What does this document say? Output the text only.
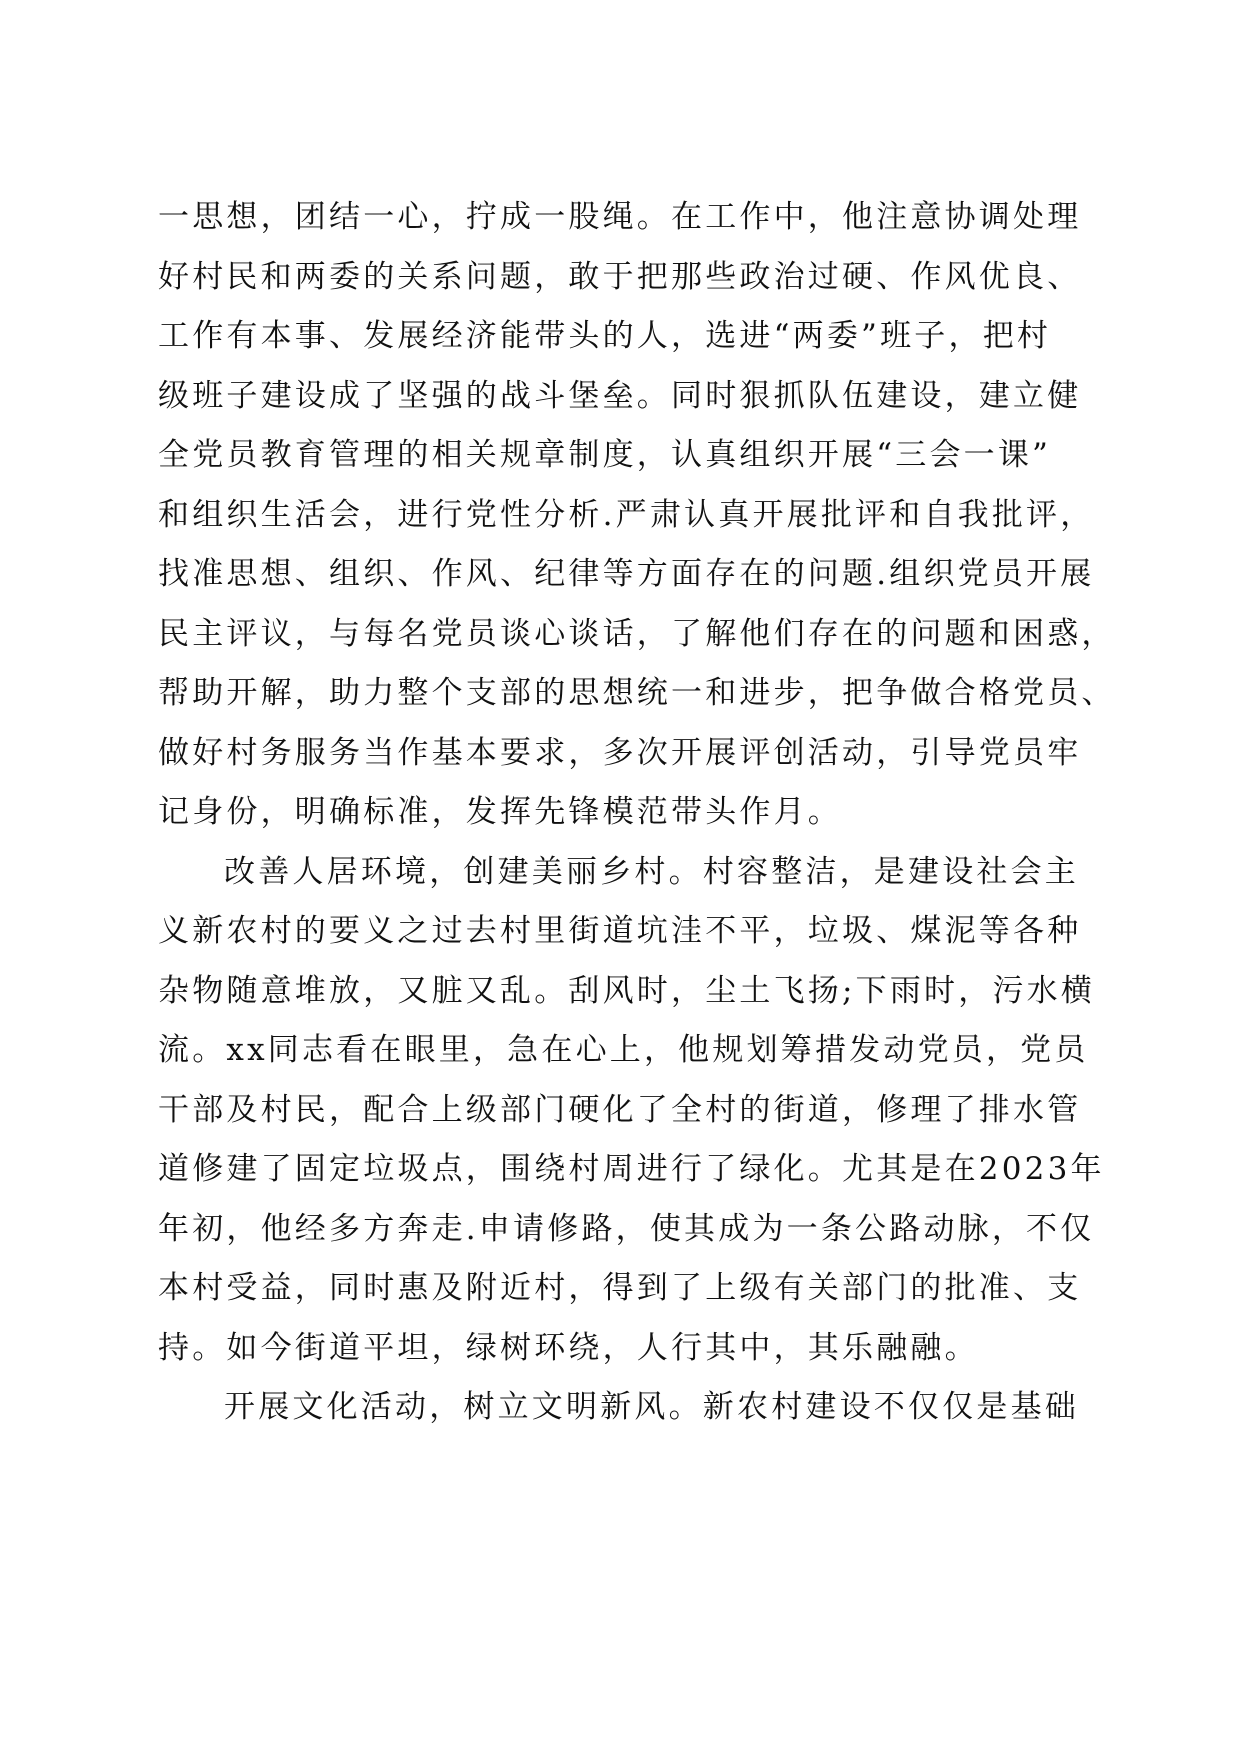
一思想，团结一心，拧成一股绳。在工作中，他注意协调处理
好村民和两委的关系问题，敢于把那些政治过硬、作风优良、
工作有本事、发展经济能带头的人，选进“两委”班子，把村
级班子建设成了坚强的战斗堡垒。同时狠抓队伍建设，建立健
全党员教育管理的相关规章制度，认真组织开展“三会一课”
和组织生活会，进行党性分析.严肃认真开展批评和自我批评，
找准思想、组织、作风、纪律等方面存在的问题.组织党员开展
民主评议，与每名党员谈心谈话，了解他们存在的问题和困惑，
帮助开解，助力整个支部的思想统一和进步，把争做合格党员、
做好村务服务当作基本要求，多次开展评创活动，引导党员牢
记身份，明确标准，发挥先锋模范带头作月。
改善人居环境，创建美丽乡村。村容整洁，是建设社会主
义新农村的要义之过去村里街道坑洼不平，垃圾、煤泥等各种
杂物随意堆放，又脏又乱。刮风时，尘土飞扬;下雨时，污水横
流。xx同志看在眼里，急在心上，他规划筹措发动党员，党员
干部及村民，配合上级部门硬化了全村的街道，修理了排水管
道修建了固定垃圾点，围绕村周进行了绿化。尤其是在2023年
年初，他经多方奔走.申请修路，使其成为一条公路动脉，不仅
本村受益，同时惠及附近村，得到了上级有关部门的批准、支
持。如今街道平坦，绿树环绕，人行其中，其乐融融。
开展文化活动，树立文明新风。新农村建设不仅仅是基础
